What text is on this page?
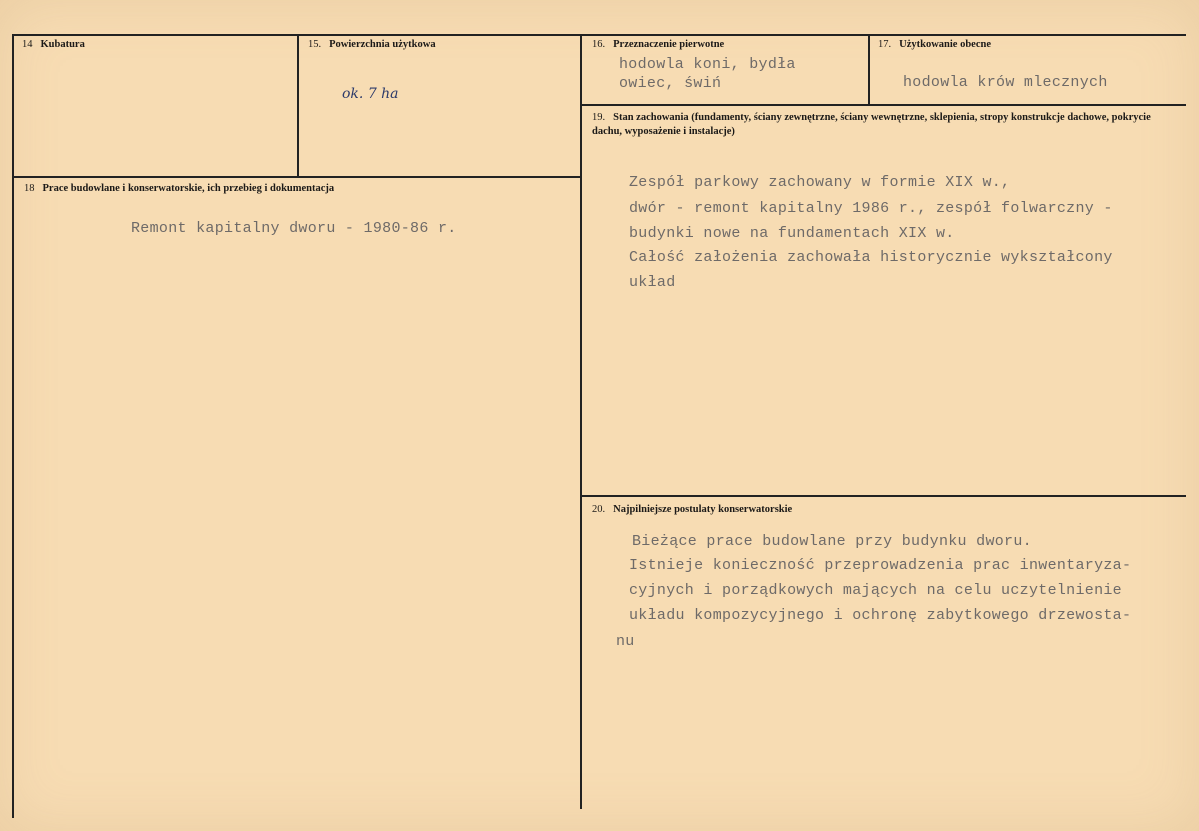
14 Kubatura	15. Powierzchnia użytkowa
ok. 7 ha
16. Przeznaczenie pierwotne
hodowla koni, bydła
owiec, świń
17. Użytkowanie obecne
hodowla krów mlecznych
18 Prace budowlane i konserwatorskie, ich przebieg i dokumentacja
Remont kapitalny dworu - 1980-86 r.
19. Stan zachowania (fundamenty, ściany zewnętrzne, ściany wewnętrzne, sklepienia, stropy konstrukcje dachowe, pokrycie dachu, wyposażenie i instalacje)
Zespół parkowy zachowany w formie XIX w.,
dwór - remont kapitalny 1986 r., zespół folwarczny -
budynki nowe na fundamentach XIX w.
Całość założenia zachowała historycznie wykształcony
układ
20. Najpilniejsze postulaty konserwatorskie
Bieżące prace budowlane przy budynku dworu.
Istnieje konieczność przeprowadzenia prac inwentaryza-
cyjnych i porządkowych mających na celu uczytelnienie
układu kompozycyjnego i ochronę zabytkowego drzewosta-
nu
